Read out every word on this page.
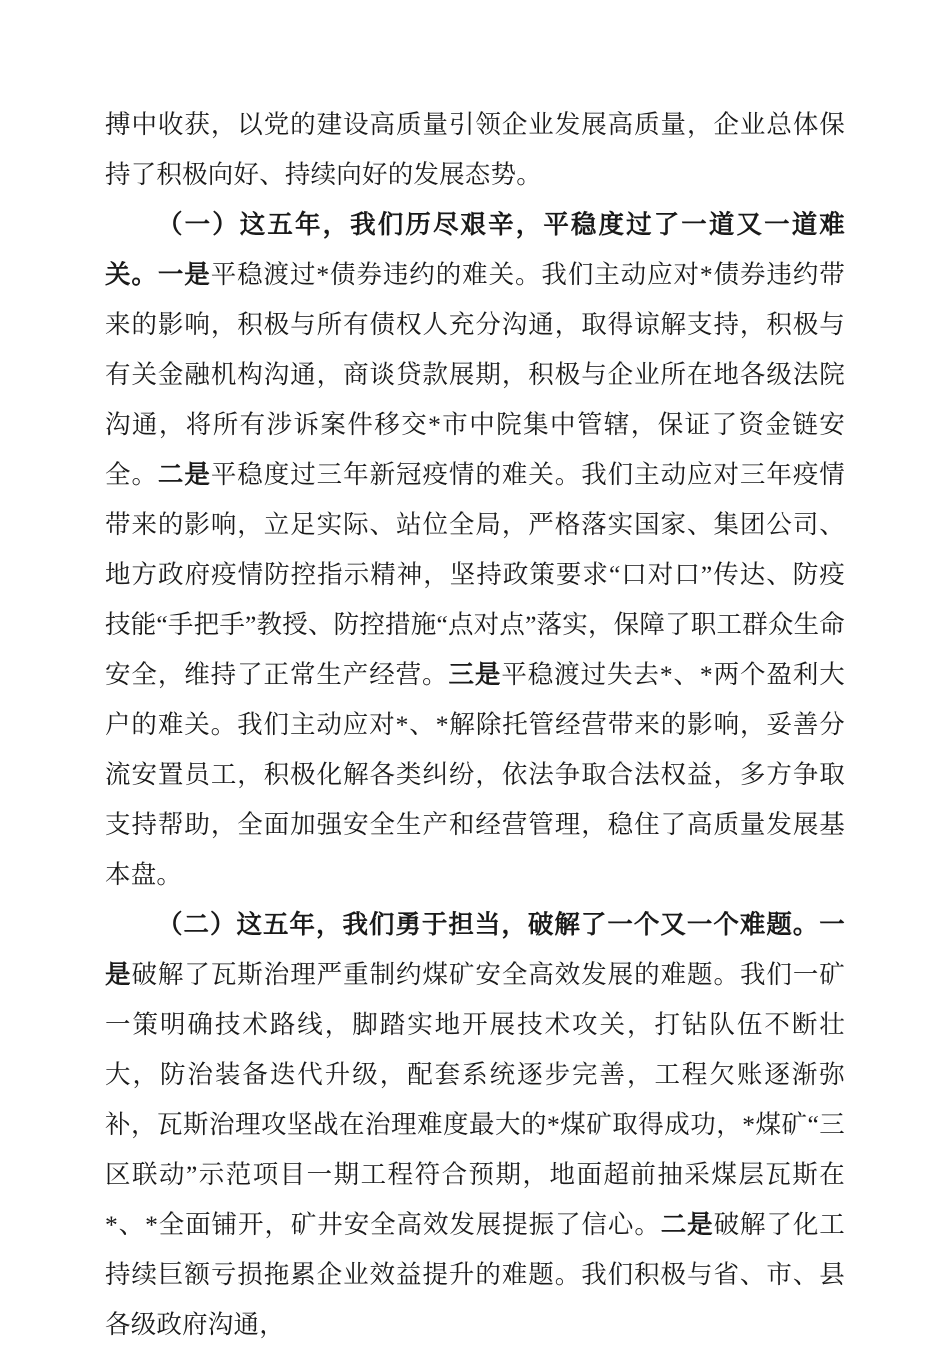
搏中收获，以党的建设高质量引领企业发展高质量，企业总体保持了积极向好、持续向好的发展态势。

（一）这五年，我们历尽艰辛，平稳度过了一道又一道难关。一是平稳渡过*债券违约的难关。我们主动应对*债券违约带来的影响，积极与所有债权人充分沟通，取得谅解支持，积极与有关金融机构沟通，商谈贷款展期，积极与企业所在地各级法院沟通，将所有涉诉案件移交*市中院集中管辖，保证了资金链安全。二是平稳度过三年新冠疫情的难关。我们主动应对三年疫情带来的影响，立足实际、站位全局，严格落实国家、集团公司、地方政府疫情防控指示精神，坚持政策要求“口对口”传达、防疫技能“手把手”教授、防控措施“点对点”落实，保障了职工群众生命安全，维持了正常生产经营。三是平稳渡过失去*、*两个盈利大户的难关。我们主动应对*、*解除托管经营带来的影响，妥善分流安置员工，积极化解各类纠纷，依法争取合法权益，多方争取支持帮助，全面加强安全生产和经营管理，稳住了高质量发展基本盘。

（二）这五年，我们勇于担当，破解了一个又一个难题。一是破解了瓦斯治理严重制约煤矿安全高效发展的难题。我们一矿一策明确技术路线，脚踏实地开展技术攻关，打钻队伍不断壮大，防治装备迭代升级，配套系统逐步完善，工程欠账逐渐弥补，瓦斯治理攻坚战在治理难度最大的*煤矿取得成功，*煤矿“三区联动”示范项目一期工程符合预期，地面超前抽采煤层瓦斯在*、*全面铺开，矿井安全高效发展提振了信心。二是破解了化工持续巨额亏损拖累企业效益提升的难题。我们积极与省、市、县各级政府沟通，
